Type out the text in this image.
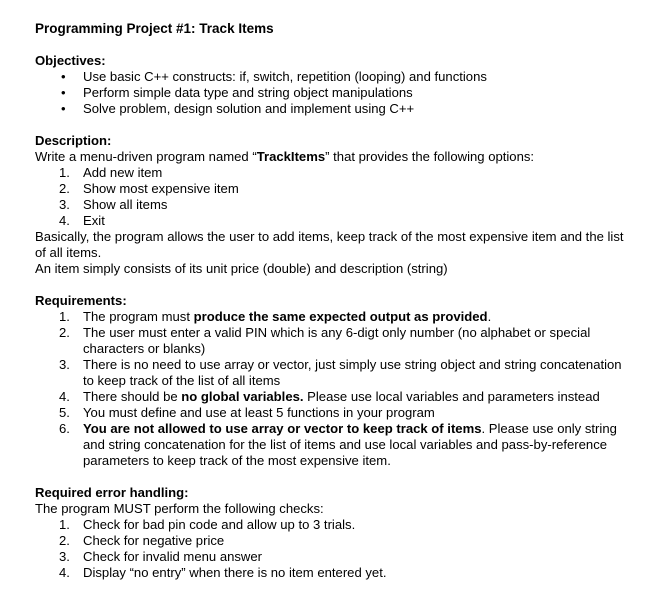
Programming Project #1: Track Items

Objectives:

• Use basic C++ constructs: if, switch, repetition (looping) and functions
• Perform simple data type and string object manipulations
• Solve problem, design solution and implement using C++

Description:

Write a menu-driven program named “TrackItems” that provides the following options:

1. Add new item
2. Show most expensive item
3. Show all items
4. Exit

Basically, the program allows the user to add items, keep track of the most expensive item and the list of all items.

An item simply consists of its unit price (double) and description (string)

Requirements:

1. The program must produce the same expected output as provided.
2. The user must enter a valid PIN which is any 6-digt only number (no alphabet or special characters or blanks)
3. There is no need to use array or vector, just simply use string object and string concatenation to keep track of the list of all items
4. There should be no global variables. Please use local variables and parameters instead
5. You must define and use at least 5 functions in your program
6. You are not allowed to use array or vector to keep track of items. Please use only string and string concatenation for the list of items and use local variables and pass-by-reference parameters to keep track of the most expensive item.

Required error handling:

The program MUST perform the following checks:

1. Check for bad pin code and allow up to 3 trials.
2. Check for negative price
3. Check for invalid menu answer
4. Display “no entry” when there is no item entered yet.
